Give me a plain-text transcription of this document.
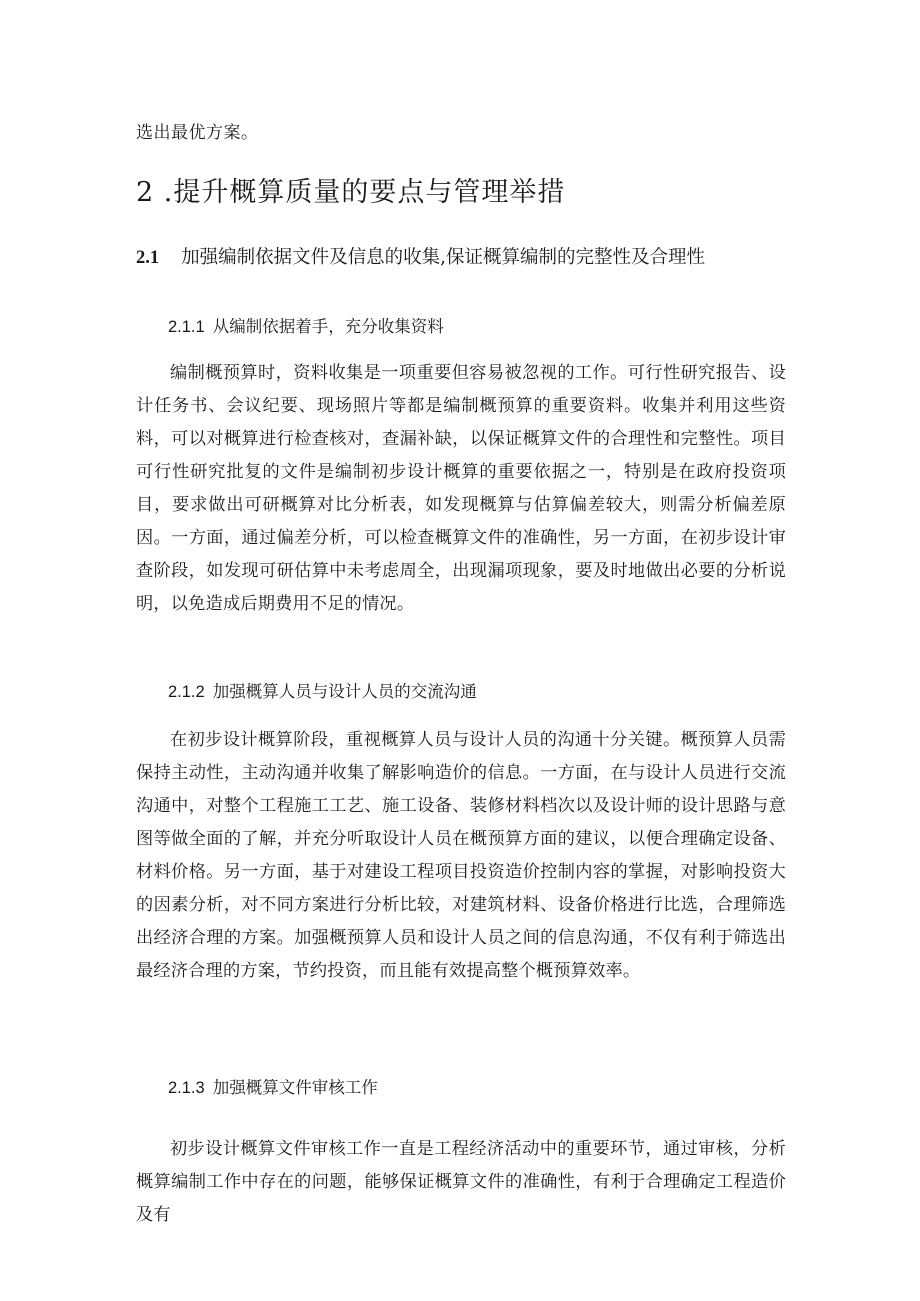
选出最优方案。
2 .提升概算质量的要点与管理举措
2.1 加强编制依据文件及信息的收集,保证概算编制的完整性及合理性
2.1.1 从编制依据着手，充分收集资料
编制概预算时，资料收集是一项重要但容易被忽视的工作。可行性研究报告、设计任务书、会议纪要、现场照片等都是编制概预算的重要资料。收集并利用这些资料，可以对概算进行检查核对，查漏补缺，以保证概算文件的合理性和完整性。项目可行性研究批复的文件是编制初步设计概算的重要依据之一，特别是在政府投资项目，要求做出可研概算对比分析表，如发现概算与估算偏差较大，则需分析偏差原因。一方面，通过偏差分析，可以检查概算文件的准确性，另一方面，在初步设计审查阶段，如发现可研估算中未考虑周全，出现漏项现象，要及时地做出必要的分析说明，以免造成后期费用不足的情况。
2.1.2 加强概算人员与设计人员的交流沟通
在初步设计概算阶段，重视概算人员与设计人员的沟通十分关键。概预算人员需保持主动性，主动沟通并收集了解影响造价的信息。一方面，在与设计人员进行交流沟通中，对整个工程施工工艺、施工设备、装修材料档次以及设计师的设计思路与意图等做全面的了解，并充分听取设计人员在概预算方面的建议，以便合理确定设备、材料价格。另一方面，基于对建设工程项目投资造价控制内容的掌握，对影响投资大的因素分析，对不同方案进行分析比较，对建筑材料、设备价格进行比选，合理筛选出经济合理的方案。加强概预算人员和设计人员之间的信息沟通，不仅有利于筛选出最经济合理的方案，节约投资，而且能有效提高整个概预算效率。
2.1.3 加强概算文件审核工作
初步设计概算文件审核工作一直是工程经济活动中的重要环节，通过审核，分析概算编制工作中存在的问题，能够保证概算文件的准确性，有利于合理确定工程造价及有
